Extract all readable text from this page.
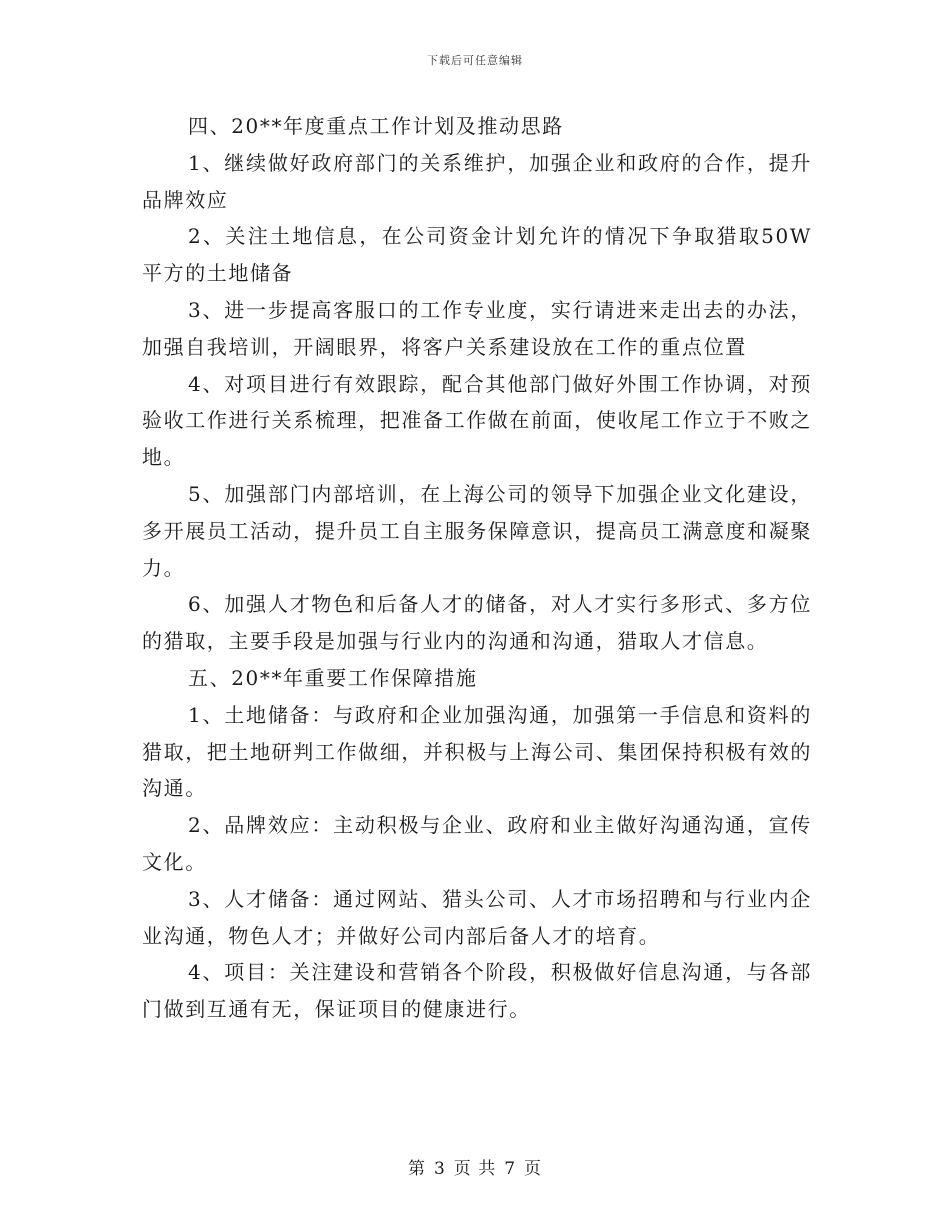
下载后可任意编辑

四、20**年度重点工作计划及推动思路

1、继续做好政府部门的关系维护，加强企业和政府的合作，提升品牌效应

2、关注土地信息，在公司资金计划允许的情况下争取猎取50W平方的土地储备

3、进一步提高客服口的工作专业度，实行请进来走出去的办法，加强自我培训，开阔眼界，将客户关系建设放在工作的重点位置

4、对项目进行有效跟踪，配合其他部门做好外围工作协调，对预验收工作进行关系梳理，把准备工作做在前面，使收尾工作立于不败之地。

5、加强部门内部培训，在上海公司的领导下加强企业文化建设，多开展员工活动，提升员工自主服务保障意识，提高员工满意度和凝聚力。

6、加强人才物色和后备人才的储备，对人才实行多形式、多方位的猎取，主要手段是加强与行业内的沟通和沟通，猎取人才信息。

五、20**年重要工作保障措施

1、土地储备：与政府和企业加强沟通，加强第一手信息和资料的猎取，把土地研判工作做细，并积极与上海公司、集团保持积极有效的沟通。

2、品牌效应：主动积极与企业、政府和业主做好沟通沟通，宣传文化。

3、人才储备：通过网站、猎头公司、人才市场招聘和与行业内企业沟通，物色人才；并做好公司内部后备人才的培育。

4、项目：关注建设和营销各个阶段，积极做好信息沟通，与各部门做到互通有无，保证项目的健康进行。

第 3 页 共 7 页
